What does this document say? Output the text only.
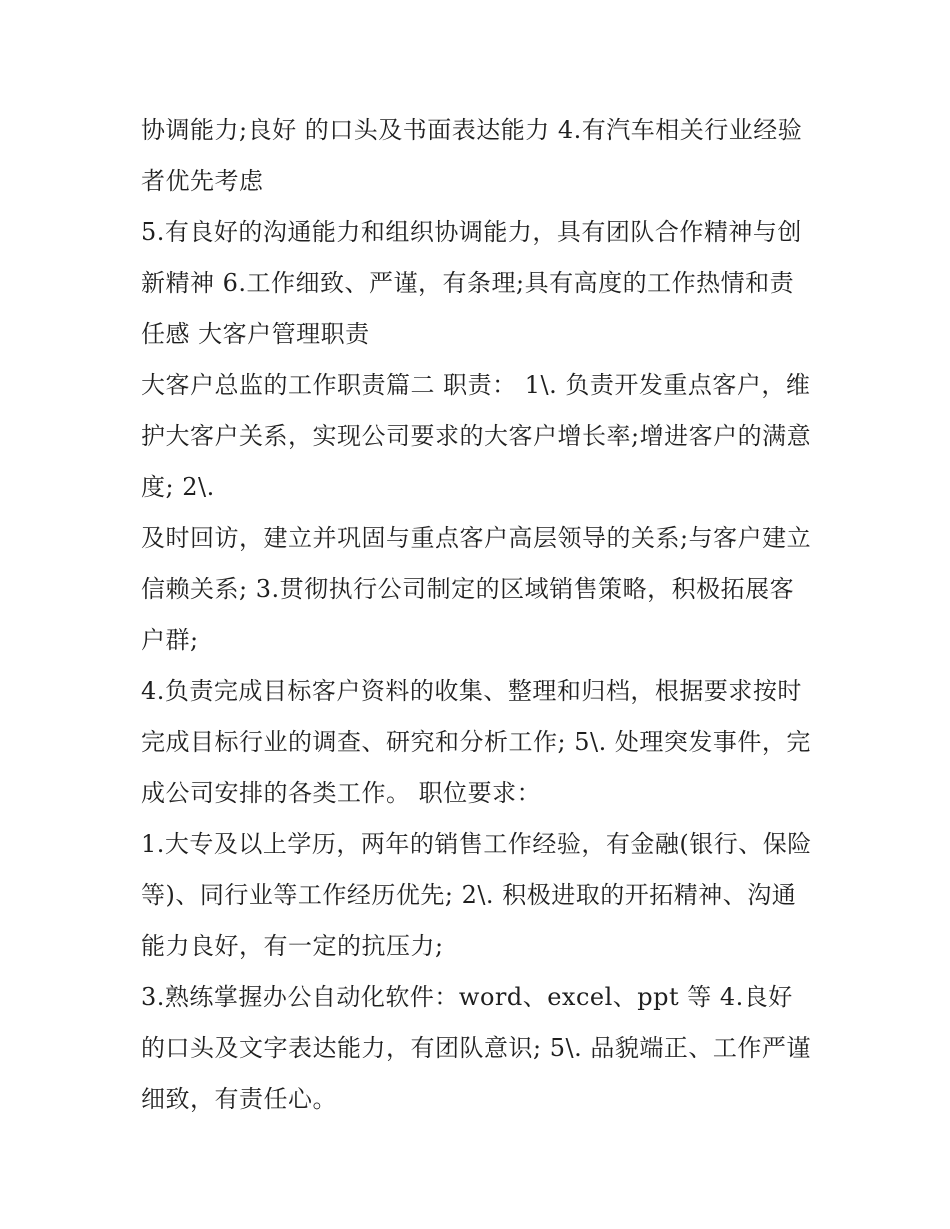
协调能力;良好 的口头及书面表达能力 4.有汽车相关行业经验者优先考虑

5.有良好的沟通能力和组织协调能力，具有团队合作精神与创新精神 6.工作细致、严谨，有条理;具有高度的工作热情和责任感 大客户管理职责

大客户总监的工作职责篇二 职责： 1\. 负责开发重点客户，维护大客户关系，实现公司要求的大客户增长率;增进客户的满意度; 2\.

及时回访，建立并巩固与重点客户高层领导的关系;与客户建立信赖关系; 3.贯彻执行公司制定的区域销售策略，积极拓展客户群;

4.负责完成目标客户资料的收集、整理和归档，根据要求按时完成目标行业的调查、研究和分析工作; 5\. 处理突发事件，完成公司安排的各类工作。 职位要求：

1.大专及以上学历，两年的销售工作经验，有金融(银行、保险等)、同行业等工作经历优先; 2\. 积极进取的开拓精神、沟通能力良好，有一定的抗压力;

3.熟练掌握办公自动化软件：word、excel、ppt 等 4.良好的口头及文字表达能力，有团队意识; 5\. 品貌端正、工作严谨细致，有责任心。
